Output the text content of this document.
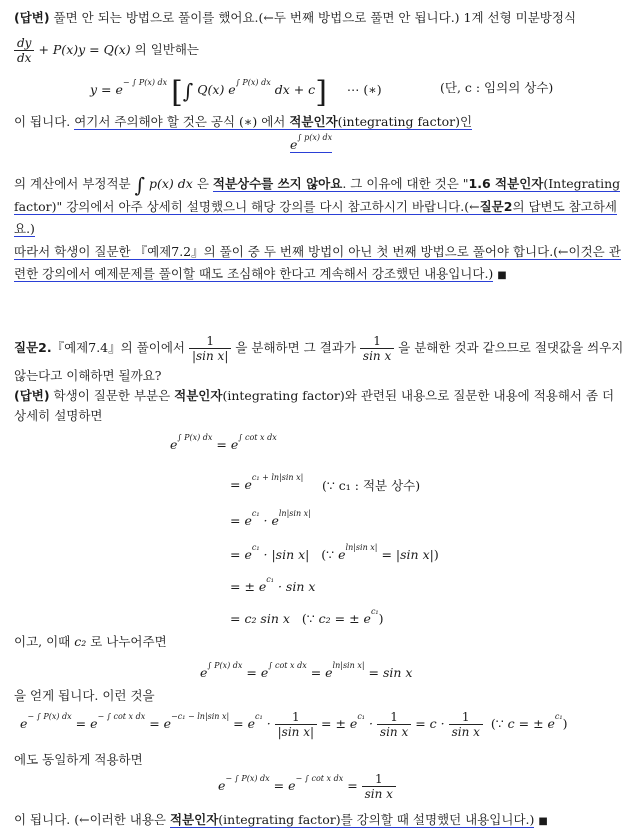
(답변) 풀면 안 되는 방법으로 풀이를 했어요.(←두 번째 방법으로 풀면 안 됩니다.) 1계 선형 미분방정식
$\frac{dy}{dx} + P(x)y = Q(x)$ 의 일반해는
$y = e^{- \int P(x) dx}$ [∫ Q(x) $e^{\int P(x) dx}$ dx + c] ⋯ (∗)	(단, c : 임의의 상수)
이 됩니다. 여기서 주의해야 할 것은 공식 (∗) 에서 적분인자(integrating factor)인
$e^{\int p(x) dx}$
의 계산에서 부정적분 ∫ p(x) dx 은 적분상수를 쓰지 않아요. 그 이유에 대한 것은 "1.6 적분인자(Integrating
factor)" 강의에서 아주 상세히 설명했으니 해당 강의를 다시 참고하시기 바랍니다.(←질문2의 답변도 참고하세
요.)
따라서 학생이 질문한 『예제7.2』의 풀이 중 두 번째 방법이 아닌 첫 번째 방법으로 풀어야 합니다.(←이것은 관
련한 강의에서 예제문제를 풀이할 때도 조심해야 한다고 계속해서 강조했던 내용입니다.) ■
질문2.『예제7.4』의 풀이에서 $\frac{1}{\text{|sin x|}}$ 을 분해하면 그 결과가 $\frac{1}{\text{sin x}}$ 을 분해한 것과 같으므로 절댓값을 씌우지
않는다고 이해하면 될까요?
(답변) 학생이 질문한 부분은 적분인자(integrating factor)와 관련된 내용으로 질문한 내용에 적용해서 좀 더
상세히 설명하면
$e^{\int P(x) dx} = e^{\int cot x dx}$
= $e^{c_1 + ln|sin x|}$
(∵ c₁ : 적분 상수)
= $e^{c_1} \cdot e^{ln|sin x|}$
= $e^{c_1} \cdot |\sin$ x|   (∵ $e^{ln|sin x|} = |\sin$ x|)
= ± $e^{c_1} \cdot \sin x$
= c₂ sin x   (∵ c₂ = ± $e^{c_1}$)
이고, 이때 c₂ 로 나누어주면
$e^{\int P(x) dx} = e^{\int cot x dx} = e^{ln|sin x|} = \sin x$
을 얻게 됩니다. 이런 것을
$e^{- \int P(x) dx} = e^{- \int cot x dx} = e^{-c_1 - ln|sin x|} = e^{c_1} \cdot \frac{1}{\text{|sin x|}}$ = ± $e^{c_1} \cdot \frac{1}{\text{sin x}} = c \cdot \frac{1}{\text{sin x}}$ (∵ c = ± $e^{c_1}$)
에도 동일하게 적용하면
$e^{- \int P(x) dx} = e^{- \int cot x dx} = \frac{1}{\text{sin x}}$
이 됩니다. (←이러한 내용은 적분인자(integrating factor)를 강의할 때 설명했던 내용입니다.) ■
